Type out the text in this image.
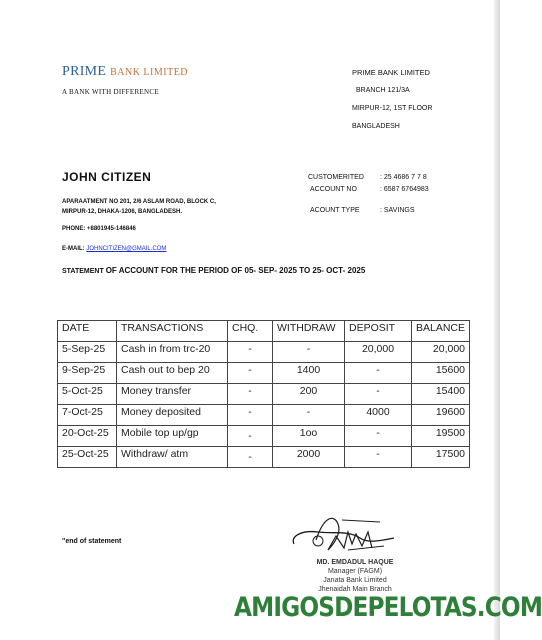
PRIME BANK LIMITED
A BANK WITH DIFFERENCE
PRIME BANK LIMITED
BRANCH 121/3A
MIRPUR-12, 1ST FLOOR
BANGLADESH
JOHN CITIZEN
APARAATMENT NO 201, 2/6 ASLAM ROAD, BLOCK C,
MIRPUR-12, DHAKA-1206, BANGLADESH.
PHONE: +8801945-146846
E-MAIL: JOHNCITIZEN@GMAIL.COM
CUSTOMERITED : 25 4686 7 7 8
ACCOUNT NO	: 6587 6764983
ACOUNT TYPE	: SAVINGS
STATEMENT OF ACCOUNT FOR THE PERIOD OF 05- SEP- 2025 TO 25- OCT- 2025
DATE	TRANSACTIONS	CHQ.	WITHDRAW	DEPOSIT	BALANCE
5-Sep-25	Cash in from trc-20	-	-	20,000	20,000
9-Sep-25	Cash out to bep 20	-	1400	-	15600
5-Oct-25	Money transfer	-	200	-	15400
7-Oct-25	Money deposited	-	-	4000	19600
20-Oct-25	Mobile top up/gp	-	1oo	-	19500
25-Oct-25	Withdraw/ atm	-	2000	-	17500
"end of statement
MD. EMDADUL HAQUE
Manager (FAGM)
Janata Bank Limited
Jhenaidah Main Branch
AMIGOSDEPELOTAS.COM
